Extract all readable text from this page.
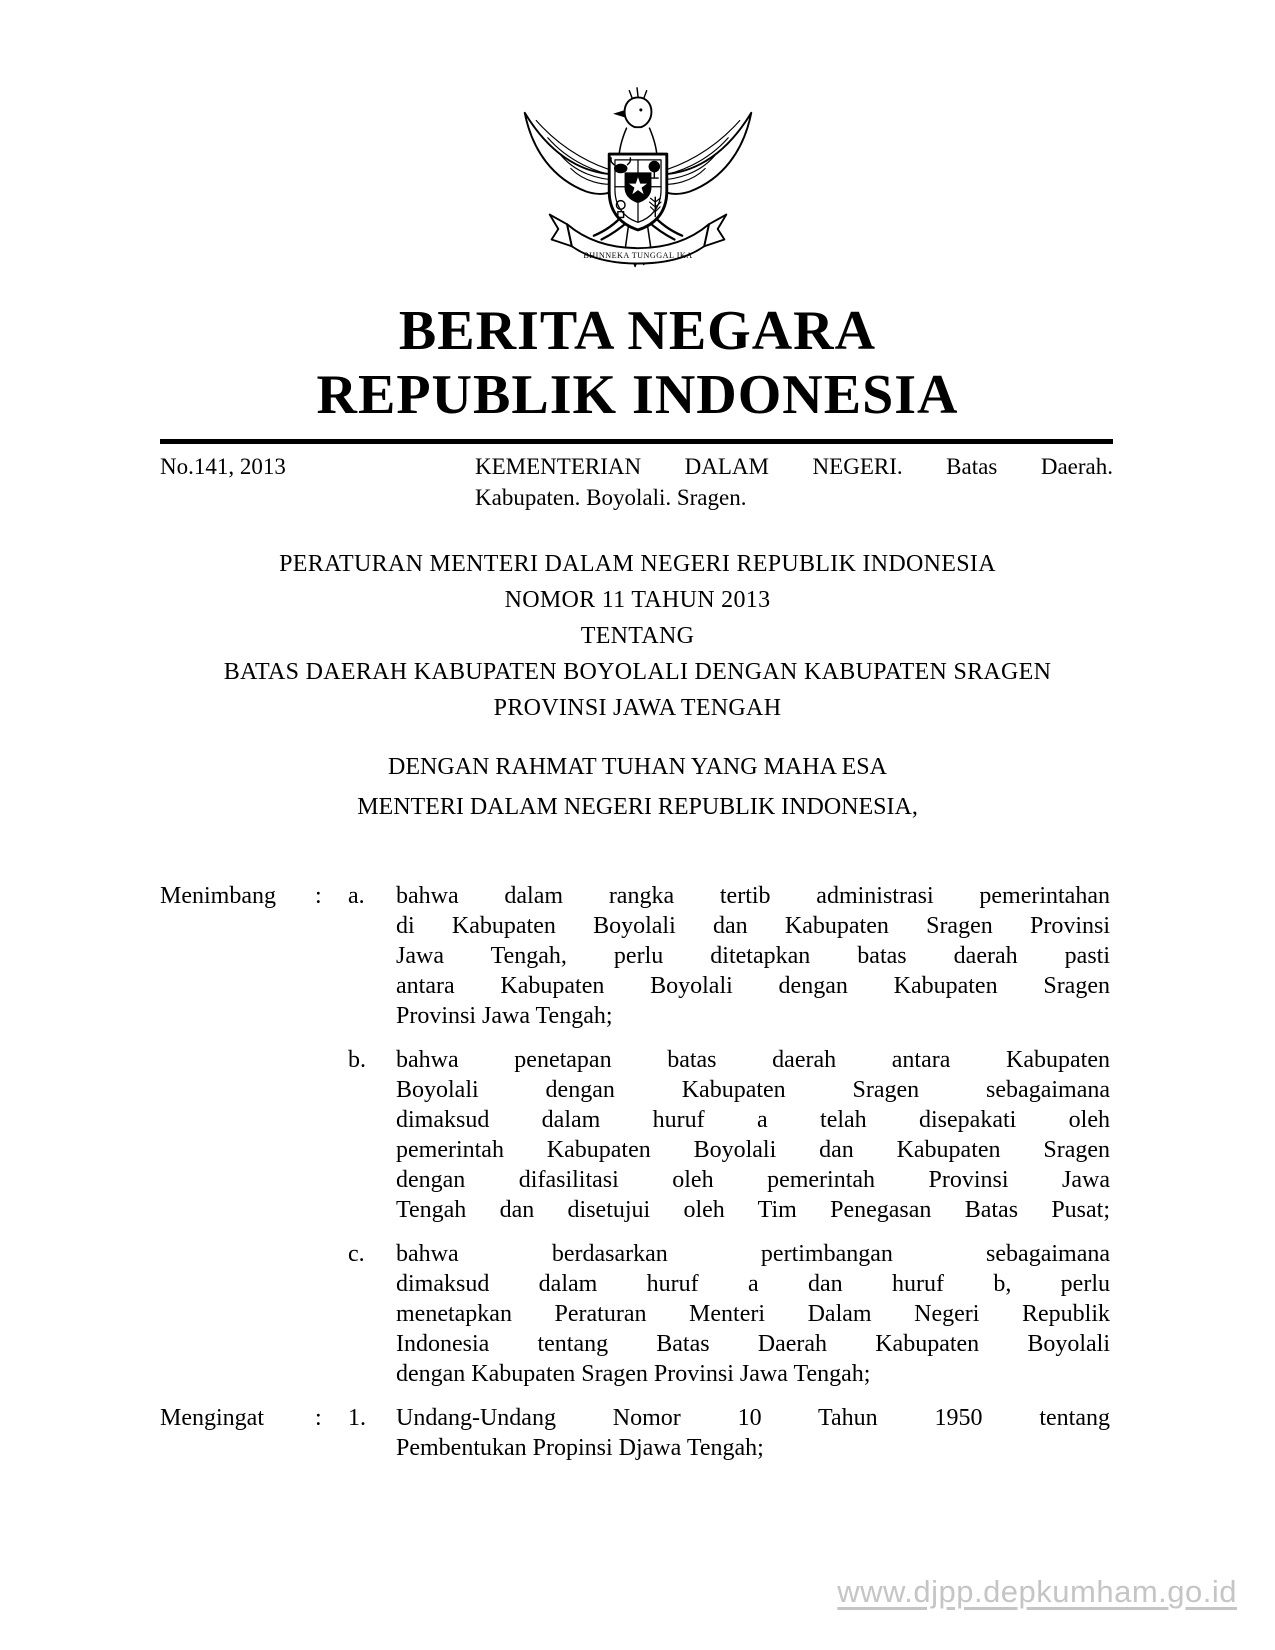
BHINNEKA TUNGGAL IKA
BERITA NEGARA
REPUBLIK INDONESIA
No.141, 2013	KEMENTERIAN DALAM NEGERI. Batas Daerah.
Kabupaten. Boyolali. Sragen.
PERATURAN MENTERI DALAM NEGERI REPUBLIK INDONESIA
NOMOR 11 TAHUN 2013
TENTANG
BATAS DAERAH KABUPATEN BOYOLALI DENGAN KABUPATEN SRAGEN
PROVINSI JAWA TENGAH
DENGAN RAHMAT TUHAN YANG MAHA ESA
MENTERI DALAM NEGERI REPUBLIK INDONESIA,
Menimbang	:	a.	bahwa dalam rangka tertib administrasi pemerintahan
di Kabupaten Boyolali dan Kabupaten Sragen Provinsi
Jawa Tengah, perlu ditetapkan batas daerah pasti
antara Kabupaten Boyolali dengan Kabupaten Sragen
Provinsi Jawa Tengah;
b.	bahwa penetapan batas daerah antara Kabupaten
Boyolali dengan Kabupaten Sragen sebagaimana
dimaksud dalam huruf a telah disepakati oleh
pemerintah Kabupaten Boyolali dan Kabupaten Sragen
dengan difasilitasi oleh pemerintah Provinsi Jawa
Tengah dan disetujui oleh Tim Penegasan Batas Pusat;
c.	bahwa berdasarkan pertimbangan sebagaimana
dimaksud dalam huruf a dan huruf b, perlu
menetapkan Peraturan Menteri Dalam Negeri Republik
Indonesia tentang Batas Daerah Kabupaten Boyolali
dengan Kabupaten Sragen Provinsi Jawa Tengah;
Mengingat	:	1.	Undang-Undang Nomor 10 Tahun 1950 tentang
Pembentukan Propinsi Djawa Tengah;
www.djpp.depkumham.go.id
